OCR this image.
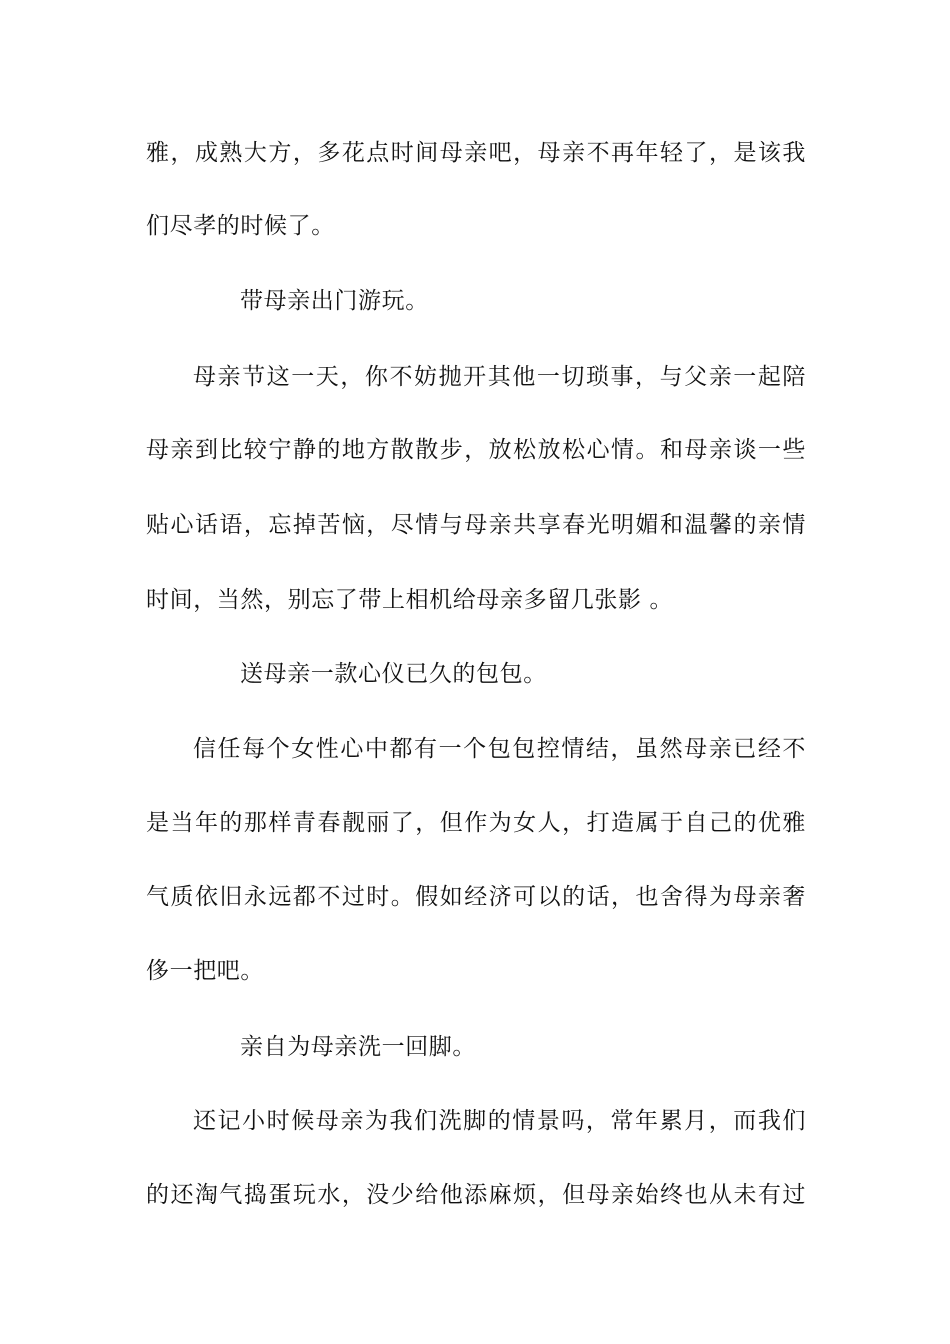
雅，成熟大方，多花点时间母亲吧，母亲不再年轻了，是该我
们尽孝的时候了。
带母亲出门游玩。
母亲节这一天，你不妨抛开其他一切琐事，与父亲一起陪
母亲到比较宁静的地方散散步，放松放松心情。和母亲谈一些
贴心话语，忘掉苦恼，尽情与母亲共享春光明媚和温馨的亲情
时间，当然，别忘了带上相机给母亲多留几张影 。
送母亲一款心仪已久的包包。
信任每个女性心中都有一个包包控情结，虽然母亲已经不
是当年的那样青春靓丽了，但作为女人，打造属于自己的优雅
气质依旧永远都不过时。假如经济可以的话，也舍得为母亲奢
侈一把吧。
亲自为母亲洗一回脚。
还记小时候母亲为我们洗脚的情景吗，常年累月，而我们
的还淘气捣蛋玩水，没少给他添麻烦，但母亲始终也从未有过
